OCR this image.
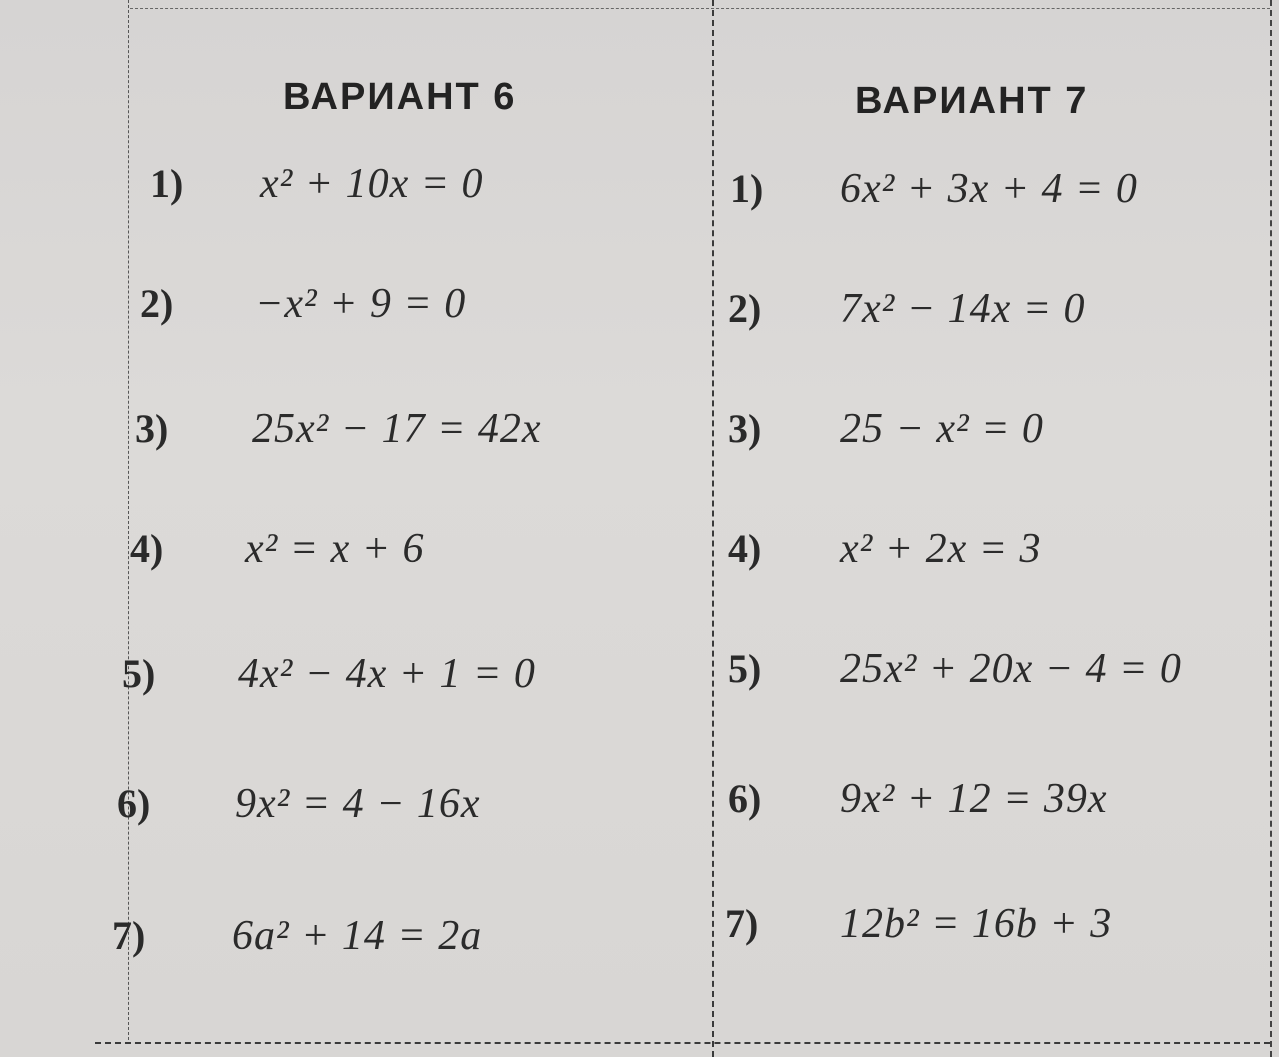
ВАРИАНТ 6
1) x² + 10x = 0
2) −x² + 9 = 0
3) 25x² − 17 = 42x
4) x² = x + 6
5) 4x² − 4x + 1 = 0
6) 9x² = 4 − 16x
7) 6a² + 14 = 2a
ВАРИАНТ 7
1) 6x² + 3x + 4 = 0
2) 7x² − 14x = 0
3) 25 − x² = 0
4) x² + 2x = 3
5) 25x² + 20x − 4 = 0
6) 9x² + 12 = 39x
7) 12b² = 16b + 3
